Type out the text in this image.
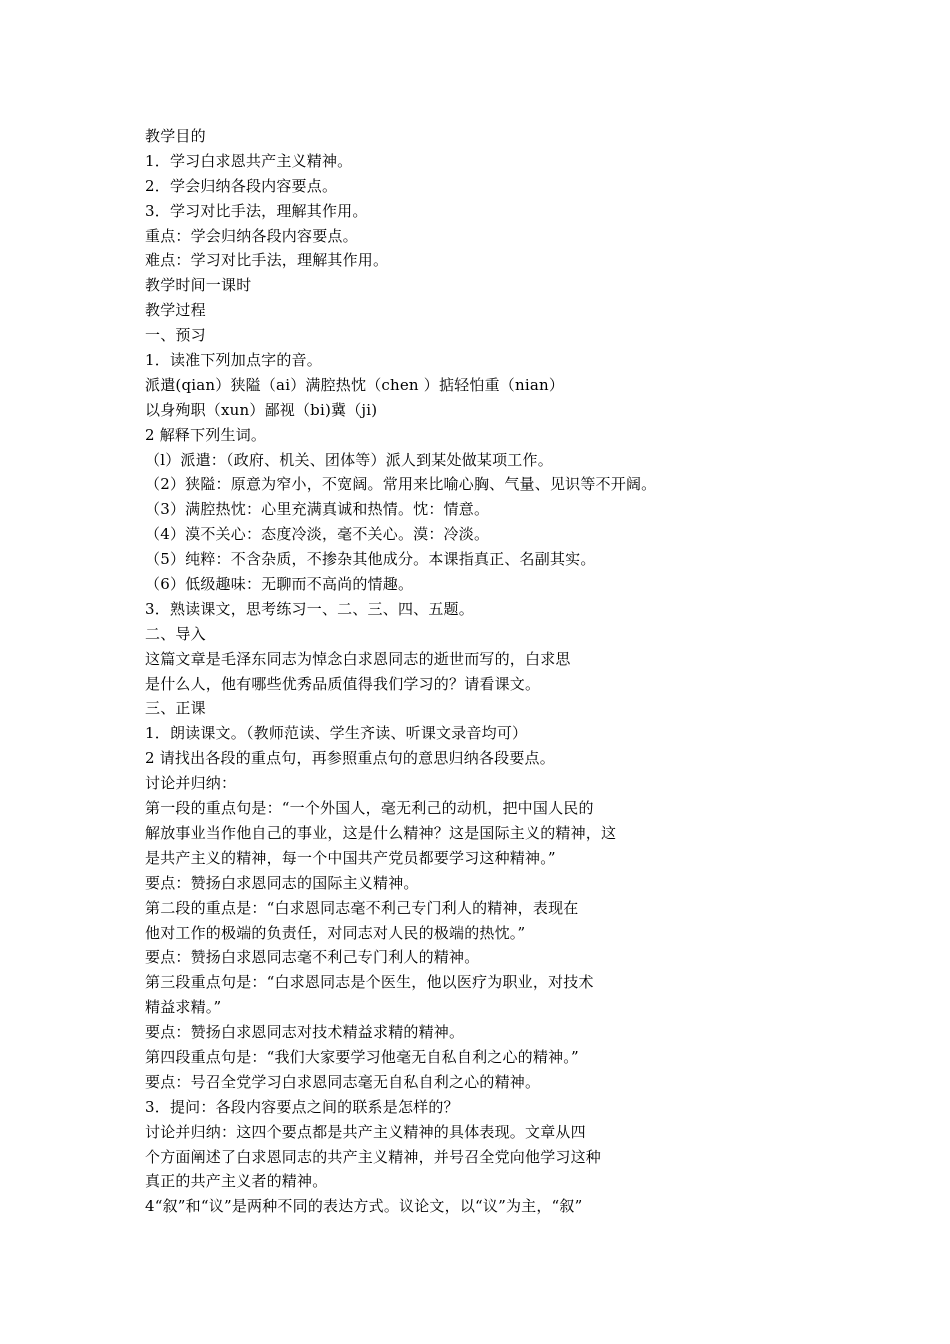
教学目的
1．学习白求恩共产主义精神。
2．学会归纳各段内容要点。
3．学习对比手法，理解其作用。
重点：学会归纳各段内容要点。
难点：学习对比手法，理解其作用。
教学时间一课时
教学过程
一、预习
1．读准下列加点字的音。
派遣(qian）狭隘（ai）满腔热忱（chen ）掂轻怕重（nian）
以身殉职（xun）鄙视（bi)冀（ji)
2 解释下列生词。
（l）派遣：（政府、机关、团体等）派人到某处做某项工作。
（2）狭隘：原意为窄小，不宽阔。常用来比喻心胸、气量、见识等不开阔。
（3）满腔热忱：心里充满真诚和热情。忱：情意。
（4）漠不关心：态度冷淡，毫不关心。漠：冷淡。
（5）纯粹：不含杂质，不掺杂其他成分。本课指真正、名副其实。
（6）低级趣味：无聊而不高尚的情趣。
3．熟读课文，思考练习一、二、三、四、五题。
二、导入
这篇文章是毛泽东同志为悼念白求恩同志的逝世而写的，白求思
是什么人，他有哪些优秀品质值得我们学习的？请看课文。
三、正课
1．朗读课文。（教师范读、学生齐读、听课文录音均可）
2 请找出各段的重点句，再参照重点句的意思归纳各段要点。
讨论并归纳：
第一段的重点句是：“一个外国人，毫无利己的动机，把中国人民的
解放事业当作他自己的事业，这是什么精神？这是国际主义的精神，这
是共产主义的精神，每一个中国共产党员都要学习这种精神。”
要点：赞扬白求恩同志的国际主义精神。
第二段的重点是：“白求恩同志毫不利己专门利人的精神，表现在
他对工作的极端的负责任，对同志对人民的极端的热忱。”
要点：赞扬白求恩同志毫不利己专门利人的精神。
第三段重点句是：“白求恩同志是个医生，他以医疗为职业，对技术
精益求精。”
要点：赞扬白求恩同志对技术精益求精的精神。
第四段重点句是：“我们大家要学习他毫无自私自利之心的精神。”
要点：号召全党学习白求恩同志毫无自私自利之心的精神。
3．提问：各段内容要点之间的联系是怎样的？
讨论并归纳：这四个要点都是共产主义精神的具体表现。文章从四
个方面阐述了白求恩同志的共产主义精神，并号召全党向他学习这种
真正的共产主义者的精神。
4“叙”和“议”是两种不同的表达方式。议论文，以“议”为主，“叙”
